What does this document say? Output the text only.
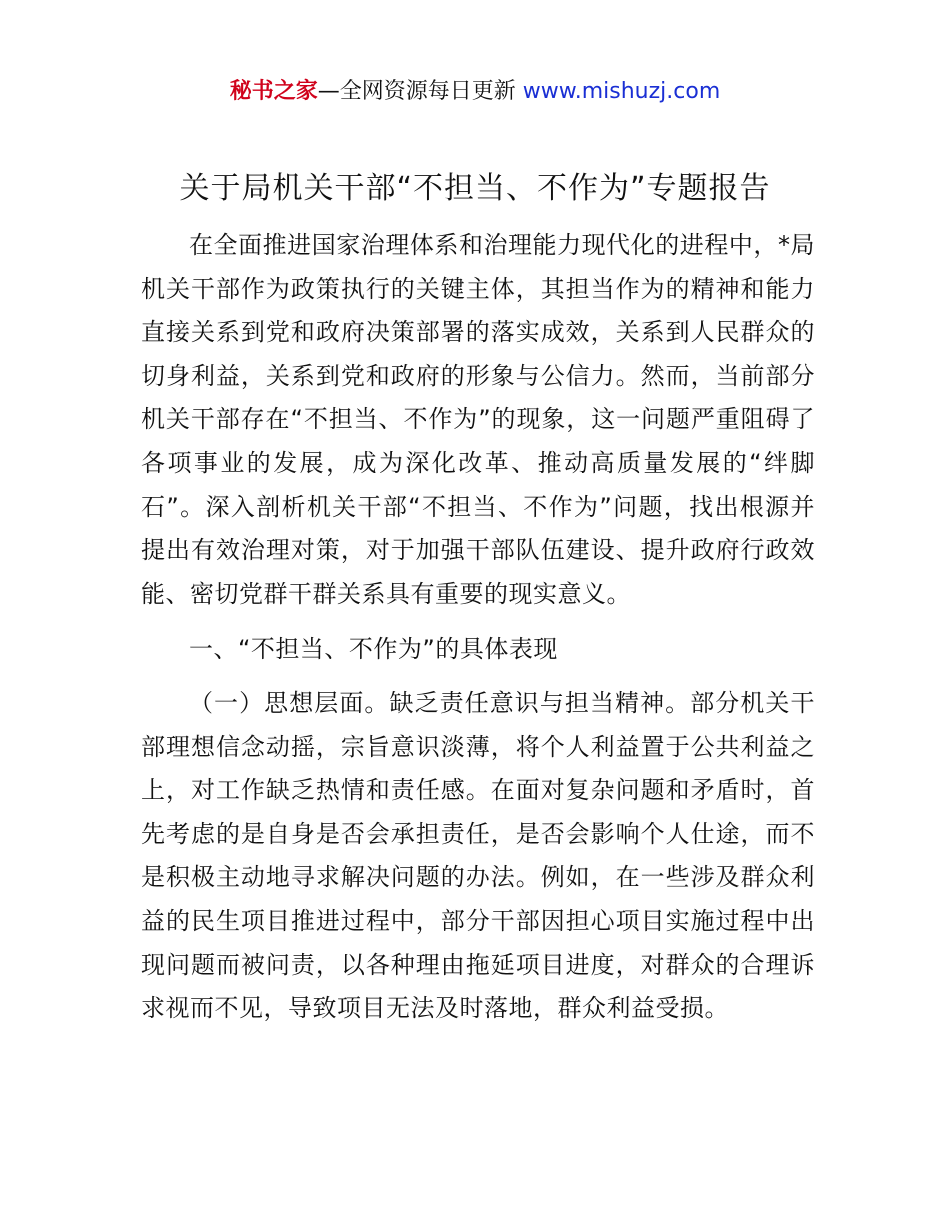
秘书之家—全网资源每日更新 www.mishuzj.com
关于局机关干部“不担当、不作为”专题报告

在全面推进国家治理体系和治理能力现代化的进程中，*局机关干部作为政策执行的关键主体，其担当作为的精神和能力直接关系到党和政府决策部署的落实成效，关系到人民群众的切身利益，关系到党和政府的形象与公信力。然而，当前部分机关干部存在“不担当、不作为”的现象，这一问题严重阻碍了各项事业的发展，成为深化改革、推动高质量发展的“绊脚石”。深入剖析机关干部“不担当、不作为”问题，找出根源并提出有效治理对策，对于加强干部队伍建设、提升政府行政效能、密切党群干群关系具有重要的现实意义。

一、“不担当、不作为”的具体表现

（一）思想层面。缺乏责任意识与担当精神。部分机关干部理想信念动摇，宗旨意识淡薄，将个人利益置于公共利益之上，对工作缺乏热情和责任感。在面对复杂问题和矛盾时，首先考虑的是自身是否会承担责任，是否会影响个人仕途，而不是积极主动地寻求解决问题的办法。例如，在一些涉及群众利益的民生项目推进过程中，部分干部因担心项目实施过程中出现问题而被问责，以各种理由拖延项目进度，对群众的合理诉求视而不见，导致项目无法及时落地，群众利益受损。
